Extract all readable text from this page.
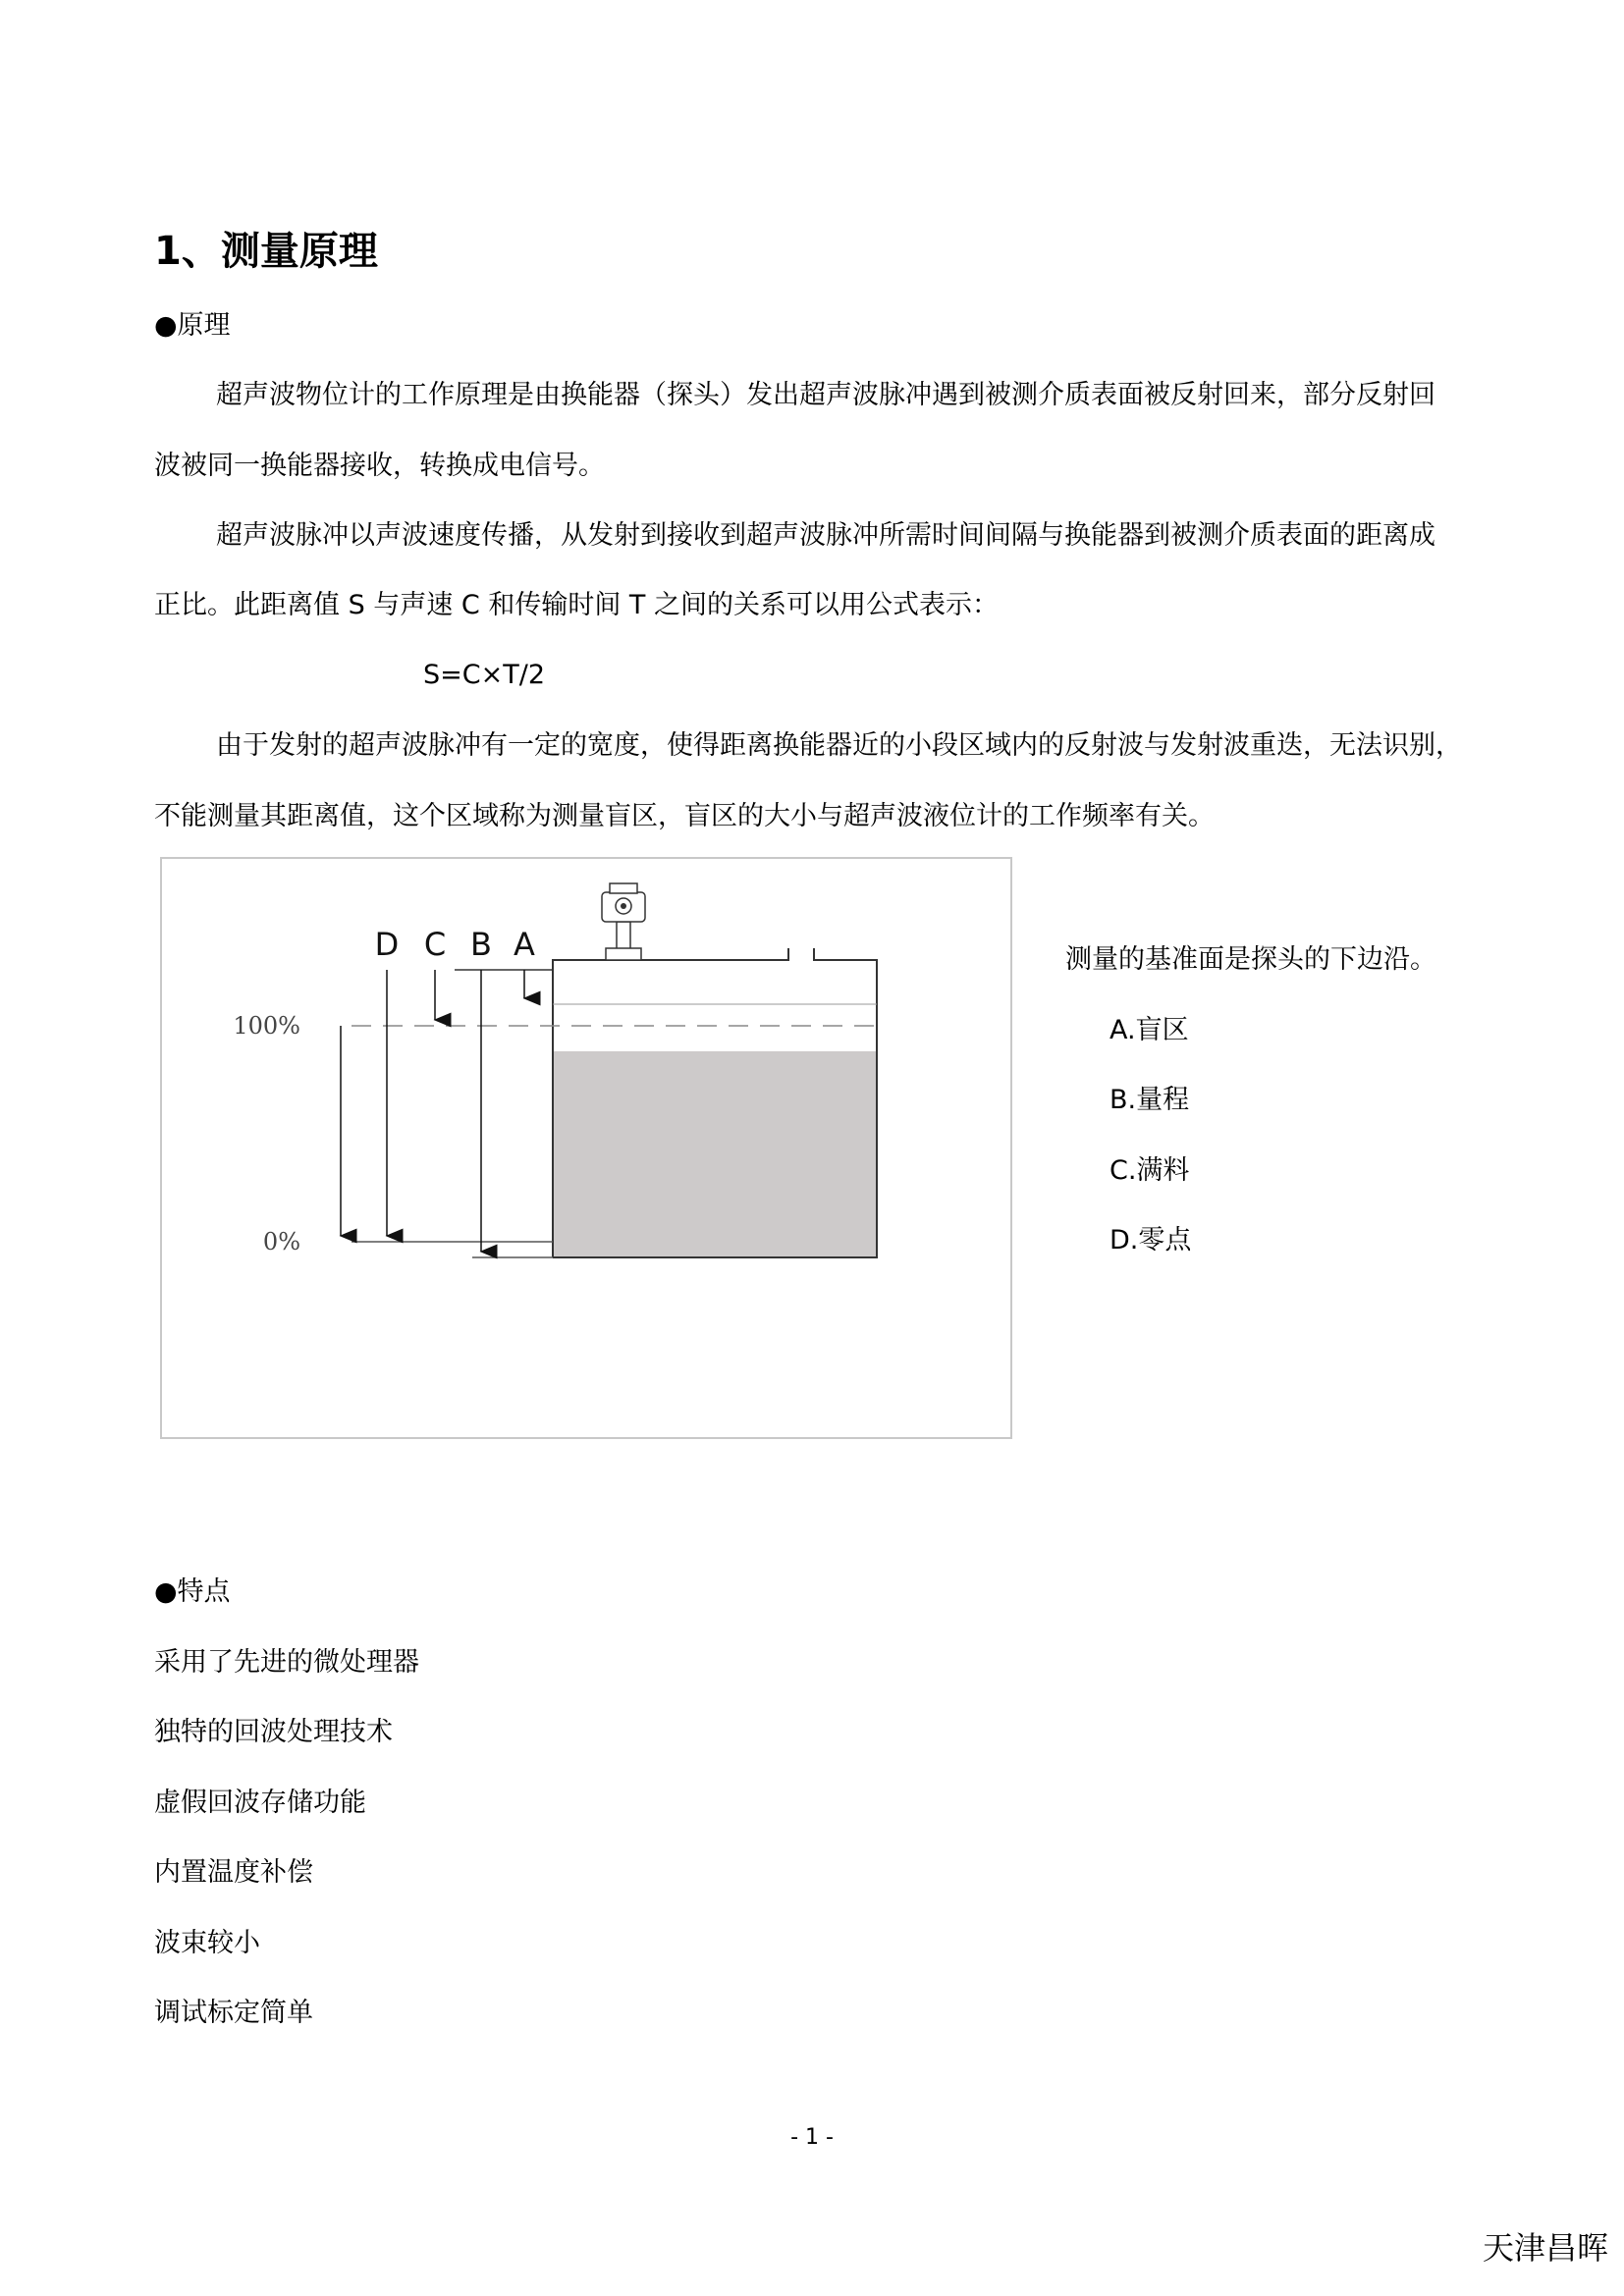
1、测量原理
●原理
超声波物位计的工作原理是由换能器（探头）发出超声波脉冲遇到被测介质表面被反射回来，部分反射回
波被同一换能器接收，转换成电信号。
超声波脉冲以声波速度传播，从发射到接收到超声波脉冲所需时间间隔与换能器到被测介质表面的距离成
正比。此距离值 S 与声速 C 和传输时间 T 之间的关系可以用公式表示：
S=C×T/2
由于发射的超声波脉冲有一定的宽度，使得距离换能器近的小段区域内的反射波与发射波重迭，无法识别，
不能测量其距离值，这个区域称为测量盲区，盲区的大小与超声波液位计的工作频率有关。
D C B A
100%
0%
测量的基准面是探头的下边沿。
A.盲区
B.量程
C.满料
D.零点
●特点
采用了先进的微处理器
独特的回波处理技术
虚假回波存储功能
内置温度补偿
波束较小
调试标定简单
- 1 -
天津昌晖
